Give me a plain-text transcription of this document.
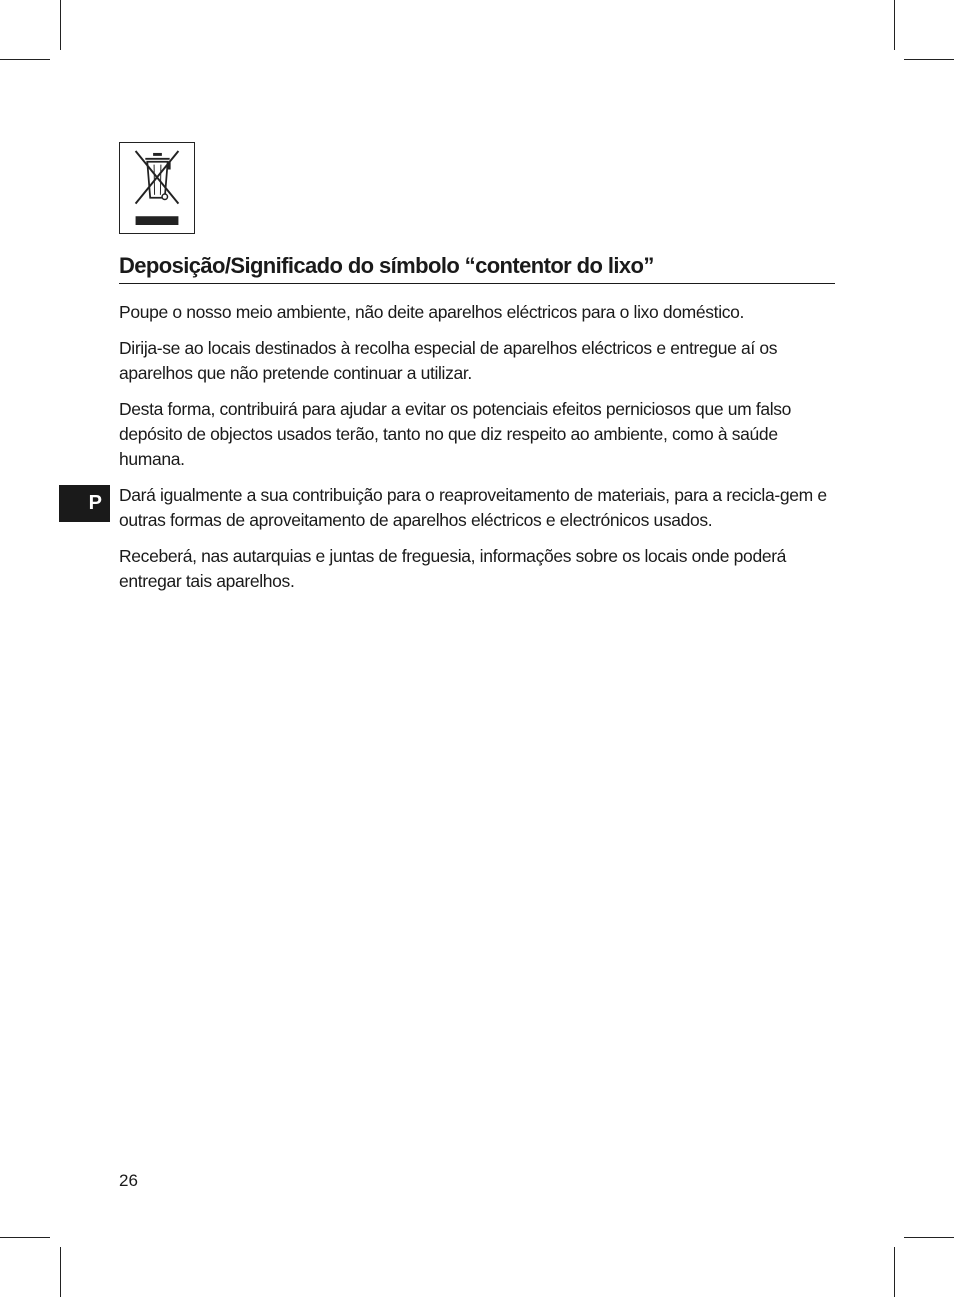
Deposição/Significado do símbolo “contentor do lixo”

Poupe o nosso meio ambiente, não deite aparelhos eléctricos para o lixo doméstico.

Dirija-se ao locais destinados à recolha especial de aparelhos eléctricos e entregue aí os aparelhos que não pretende continuar a utilizar.

Desta forma, contribuirá para ajudar a evitar os potenciais efeitos perniciosos que um falso depósito de objectos usados terão, tanto no que diz respeito ao ambiente, como à saúde humana.

Dará igualmente a sua contribuição para o reaproveitamento de materiais, para a recicla-gem e outras formas de aproveitamento de aparelhos eléctricos e electrónicos usados.

Receberá, nas autarquias e juntas de freguesia, informações sobre os locais onde poderá entregar tais aparelhos.

P
26
